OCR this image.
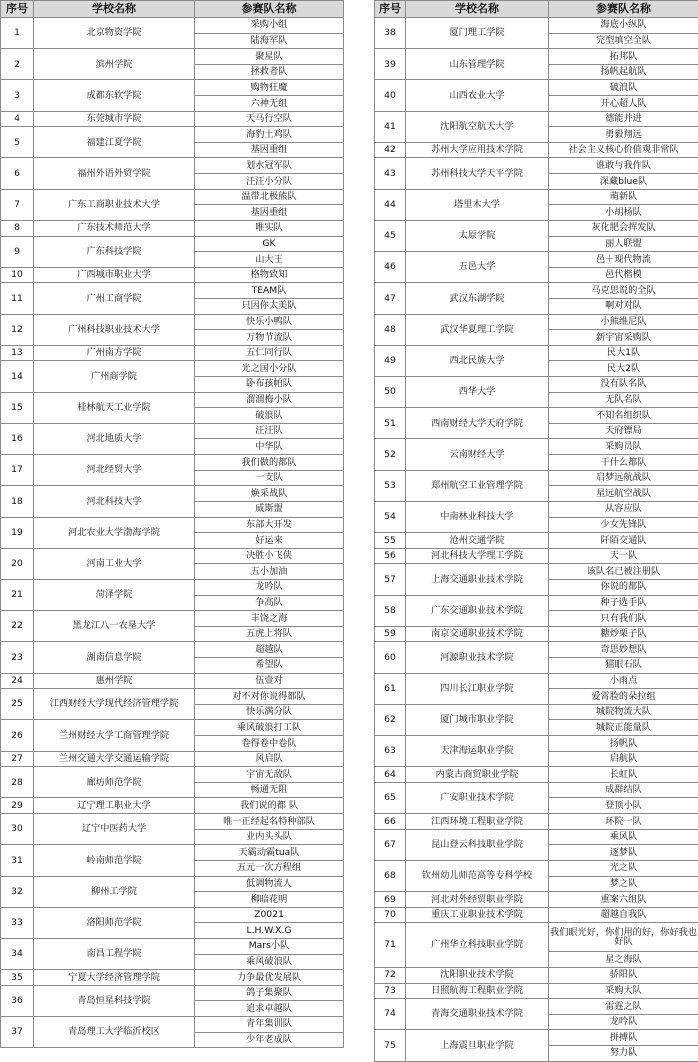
序号	学校名称	参赛队名称
1	北京物资学院	采购小组
		陆海军队
2	滨州学院	聚星队
		拯救者队
3	成都东软学院	购物狂魔
		六神无组
4	东莞城市学院	天马行空队
5	福建江夏学院	海豹土鸡队
		基因重组
6	福州外语外贸学院	划水冠军队
		汪汪小分队
7	广东工商职业技术大学	温带北极熊队
		基因重组
8	广东技术师范大学	唯实队
9	广东科技学院	GK
		山大王
10	广西城市职业大学	格物致知
11	广州工商学院	TEAM队
		只因你太美队
12	广州科技职业技术大学	快乐小鸭队
		万物节流队
13	广州南方学院	五仁同行队
14	广州商学院	光之国小分队
		卧布孩帕队
15	桂林航天工业学院	溜溜梅小队
		破浪队
16	河北地质大学	汪汪队
		中华队
17	河北经贸大学	我们做的都队
		一支队
18	河北科技大学	焕采战队
		威斯盟
19	河北农业大学渤海学院	东部大开发
		好运来
20	河南工业大学	决胜小飞侠
		五小加油
21	菏泽学院	龙吟队
		争高队
22	黑龙江八一农垦大学	丰饶之海
		五虎上将队
23	湖南信息学院	超越队
		希望队
24	惠州学院	伍壹对
25	江西财经大学现代经济管理学院	对不对你说得都队
		快乐满分队
26	兰州财经大学工商管理学院	乘风破浪打工队
		卷得卷中卷队
27	兰州交通大学交通运输学院	风启队
28	廊坊师范学院	宇宙无敌队
		畅通无阻
29	辽宁理工职业大学	我们说的都 队
30	辽宁中医药大学	唯一正经起名特种部队
		业内头头队
31	岭南师范学院	天霸动霸tua队
		五元一次方程组
32	柳州工学院	低调物流人
		柳暗花明
33	洛阳师范学院	Z0021
		L.H.W.X.G
34	南昌工程学院	Mars小队
		乘风破浪队
35	宁夏大学经济管理学院	力争最优发展队
36	青岛恒星科技学院	鸽子集聚队
		追求卓越队
37	青岛理工大学临沂校区	青年集训队
		少年老成队
序号	学校名称	参赛队名称
38	厦门理工学院	海底小纵队
		完型填空全队
39	山东管理学院	拓邦队
		扬帆起航队
40	山西农业大学	破浪队
		开心超人队
41	沈阳航空航天大学	德能并进
		勇毅翔远
42	苏州大学应用技术学院	社会主义核心价值观非常队
43	苏州科技大学天平学院	谁敢与我作队
		深藏blue队
44	塔里木大学	萌新队
		小胡杨队
45	太原学院	灰化肥会挥发队
		丽人联盟
46	五邑大学	邑＋现代物流
		邑代楷模
47	武汉东湖学院	马克思说的全队
		啊对对队
48	武汉华夏理工学院	小熊维尼队
		新宇宙采购队
49	西北民族大学	民大1队
		民大2队
50	西华大学	没有队名队
		无队名队
51	西南财经大学天府学院	不知名组织队
		天府镖局
52	云南财经大学	采购员队
		干什么都队
53	郑州航空工业管理学院	启梦远航战队
		星远航空战队
54	中南林业科技大学	从容应队
		少女先锋队
55	沧州交通学院	阡陌交通队
56	河北科技大学理工学院	天一队
57	上海交通职业技术学院	该队名已被注册队
		你说的都队
58	广东交通职业技术学院	种子选手队
		只有我们队
59	南京交通职业技术学院	糖炒栗子队
60	河源职业技术学院	奇思妙想队
		猫眼石队
61	四川长江职业学院	小雨点
		爱霄脸的朵拉组
62	厦门城市职业学院	城院物流大队
		城院正能量队
63	天津海运职业学院	扬帆队
		启航队
64	内蒙古商贸职业学院	长虹队
65	广安职业技术学院	成群结队
		登顶小队
66	江西环境工程职业学院	环院一队
67	昆山登云科技职业学院	乘风队
		逐梦队
68	钦州幼儿师范高等专科学校	光之队
		梦之队
69	河北对外经贸职业学院	重案六组队
70	重庆工业职业技术学院	超越自我队
71	广州华立科技职业学院	我们眼光好，你们用的好，你好我也好队
		星之海队
72	沈阳职业技术学院	骄阳队
73	日照航海工程职业学院	采购大队
74	青海交通职业技术学院	雷霆之队
		龙吟队
75	上海震旦职业学院	拼搏队
		努力队
